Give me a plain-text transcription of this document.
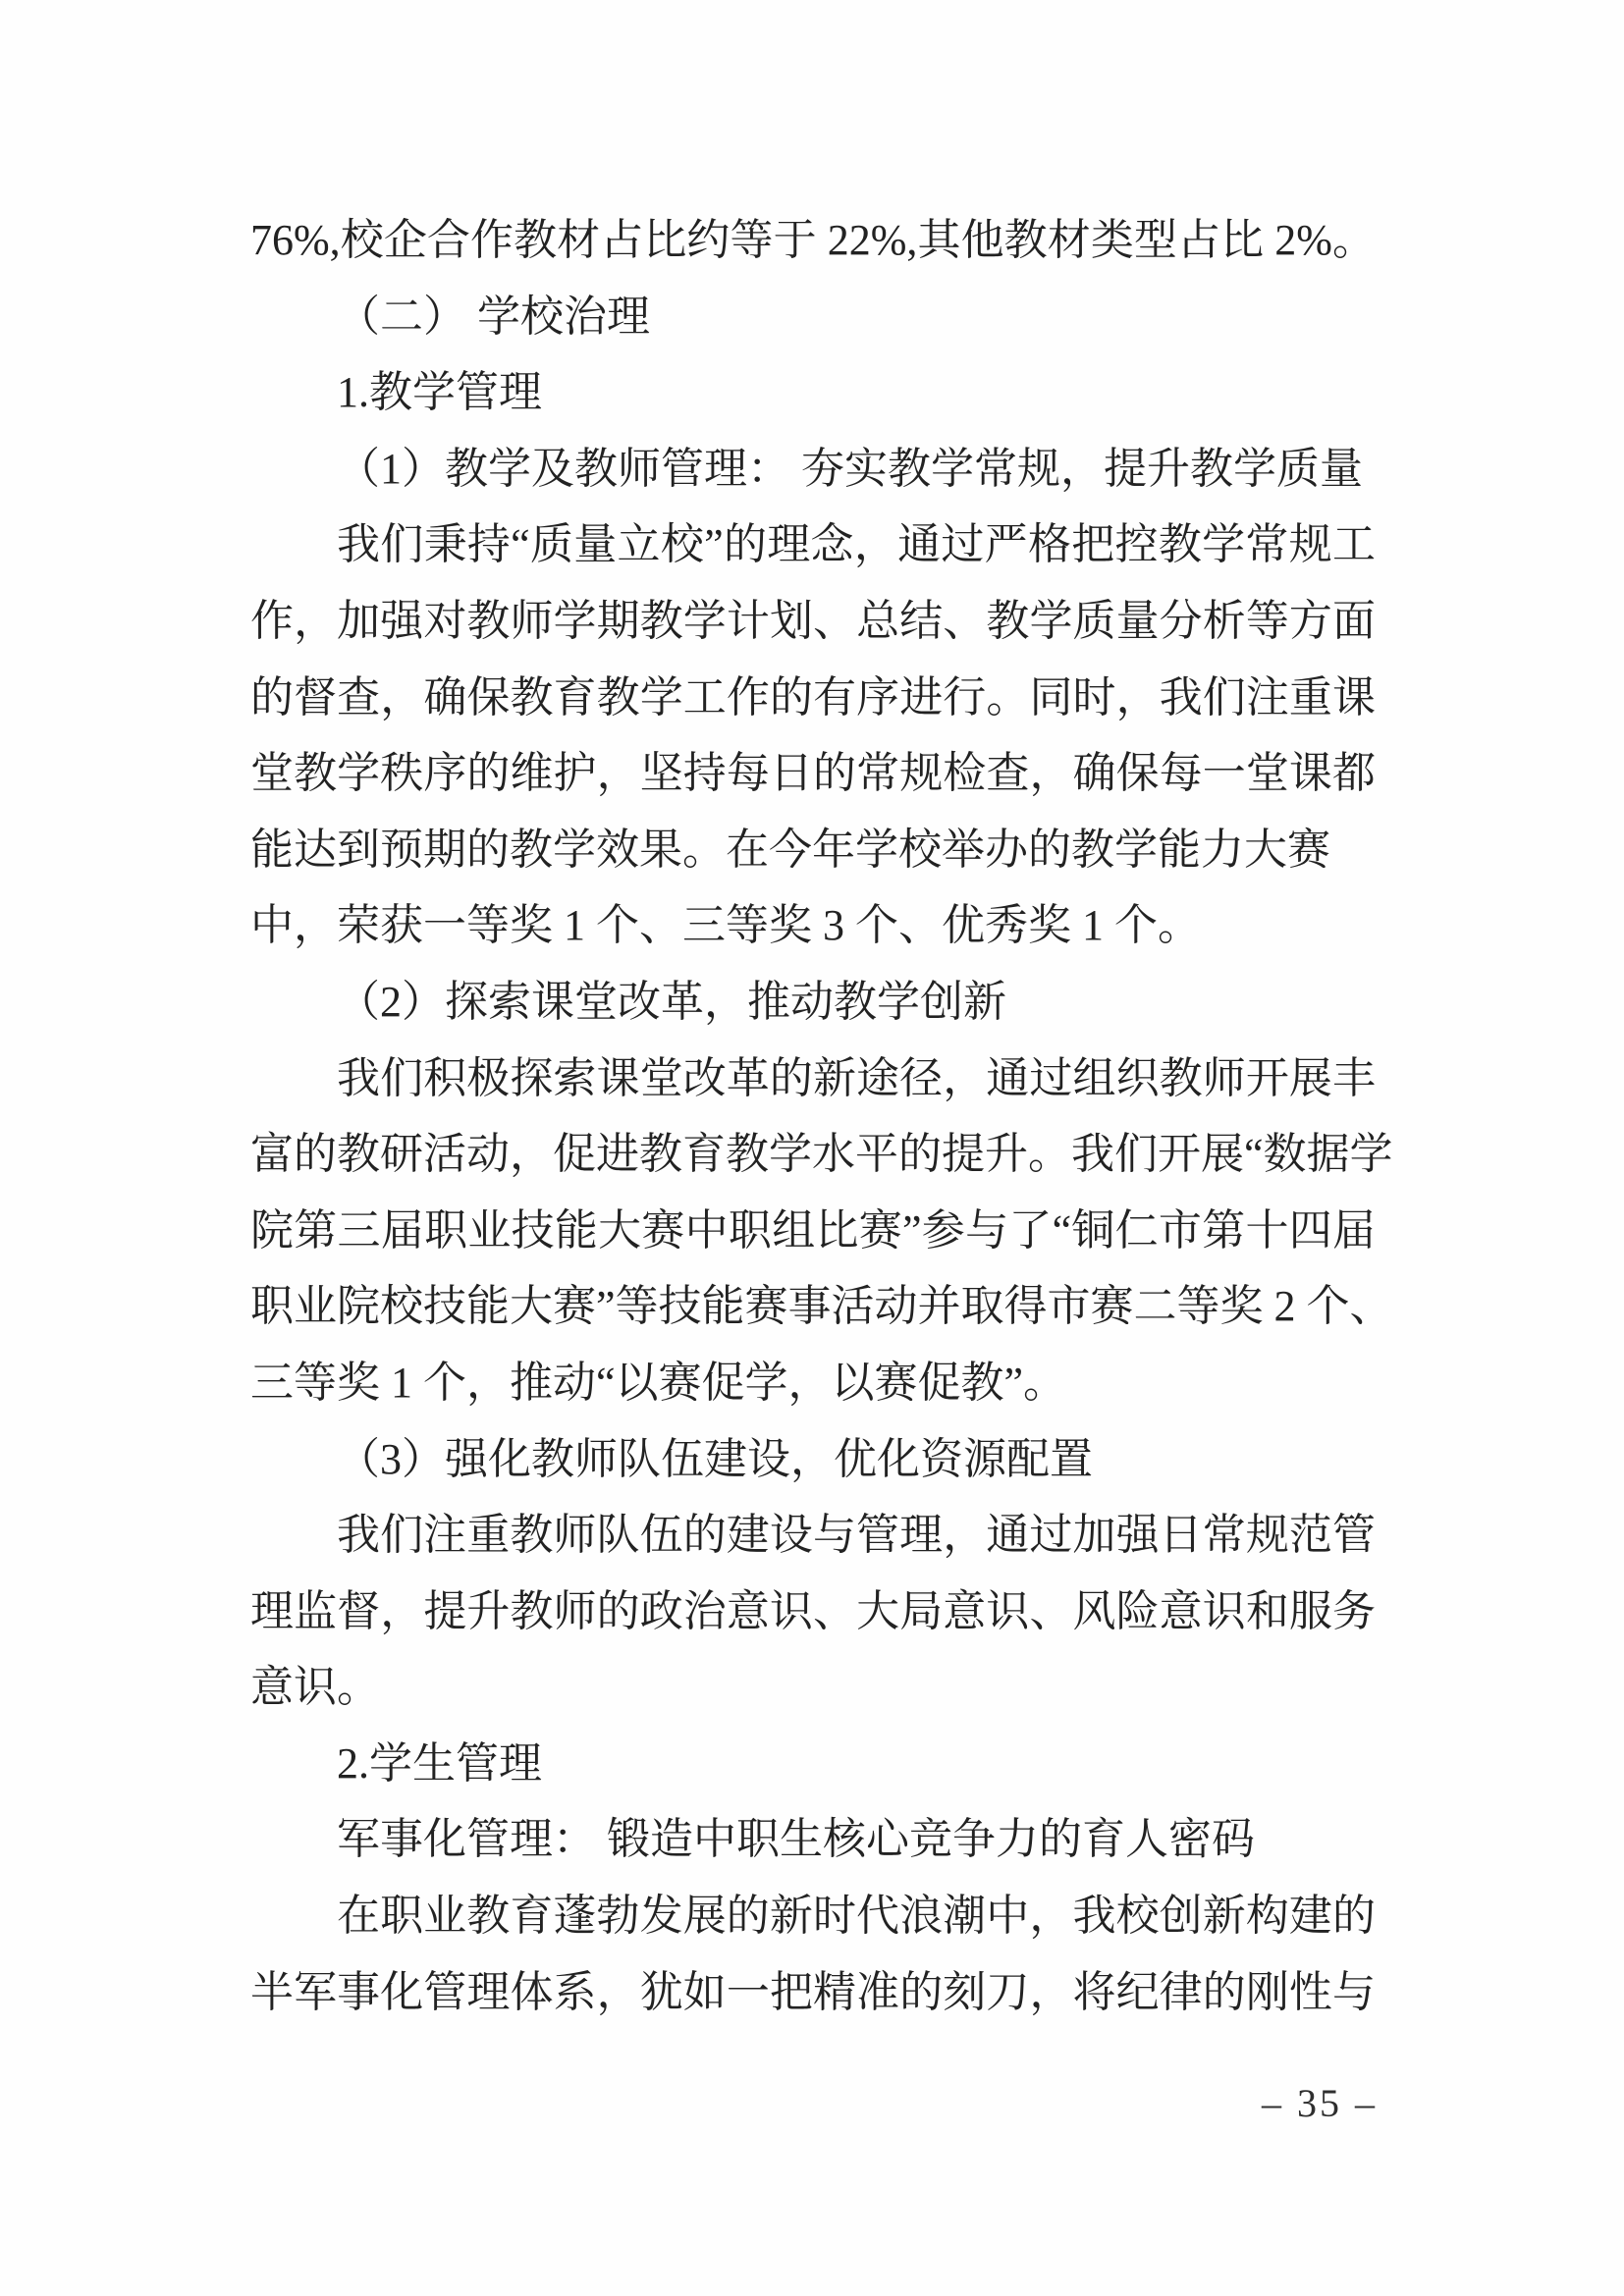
76%,校企合作教材占比约等于 22%,其他教材类型占比 2%。
（二） 学校治理
1.教学管理
（1）教学及教师管理： 夯实教学常规，提升教学质量
我们秉持“质量立校”的理念，通过严格把控教学常规工
作，加强对教师学期教学计划、总结、教学质量分析等方面
的督查，确保教育教学工作的有序进行。同时，我们注重课
堂教学秩序的维护，坚持每日的常规检查，确保每一堂课都
能达到预期的教学效果。在今年学校举办的教学能力大赛
中，荣获一等奖 1 个、三等奖 3 个、优秀奖 1 个。
（2）探索课堂改革，推动教学创新
我们积极探索课堂改革的新途径，通过组织教师开展丰
富的教研活动，促进教育教学水平的提升。我们开展“数据学
院第三届职业技能大赛中职组比赛”参与了“铜仁市第十四届
职业院校技能大赛”等技能赛事活动并取得市赛二等奖 2 个、
三等奖 1 个，推动“以赛促学，以赛促教”。
（3）强化教师队伍建设，优化资源配置
我们注重教师队伍的建设与管理，通过加强日常规范管
理监督，提升教师的政治意识、大局意识、风险意识和服务
意识。
2.学生管理
军事化管理： 锻造中职生核心竞争力的育人密码
在职业教育蓬勃发展的新时代浪潮中，我校创新构建的
半军事化管理体系，犹如一把精准的刻刀，将纪律的刚性与
– 35 –
